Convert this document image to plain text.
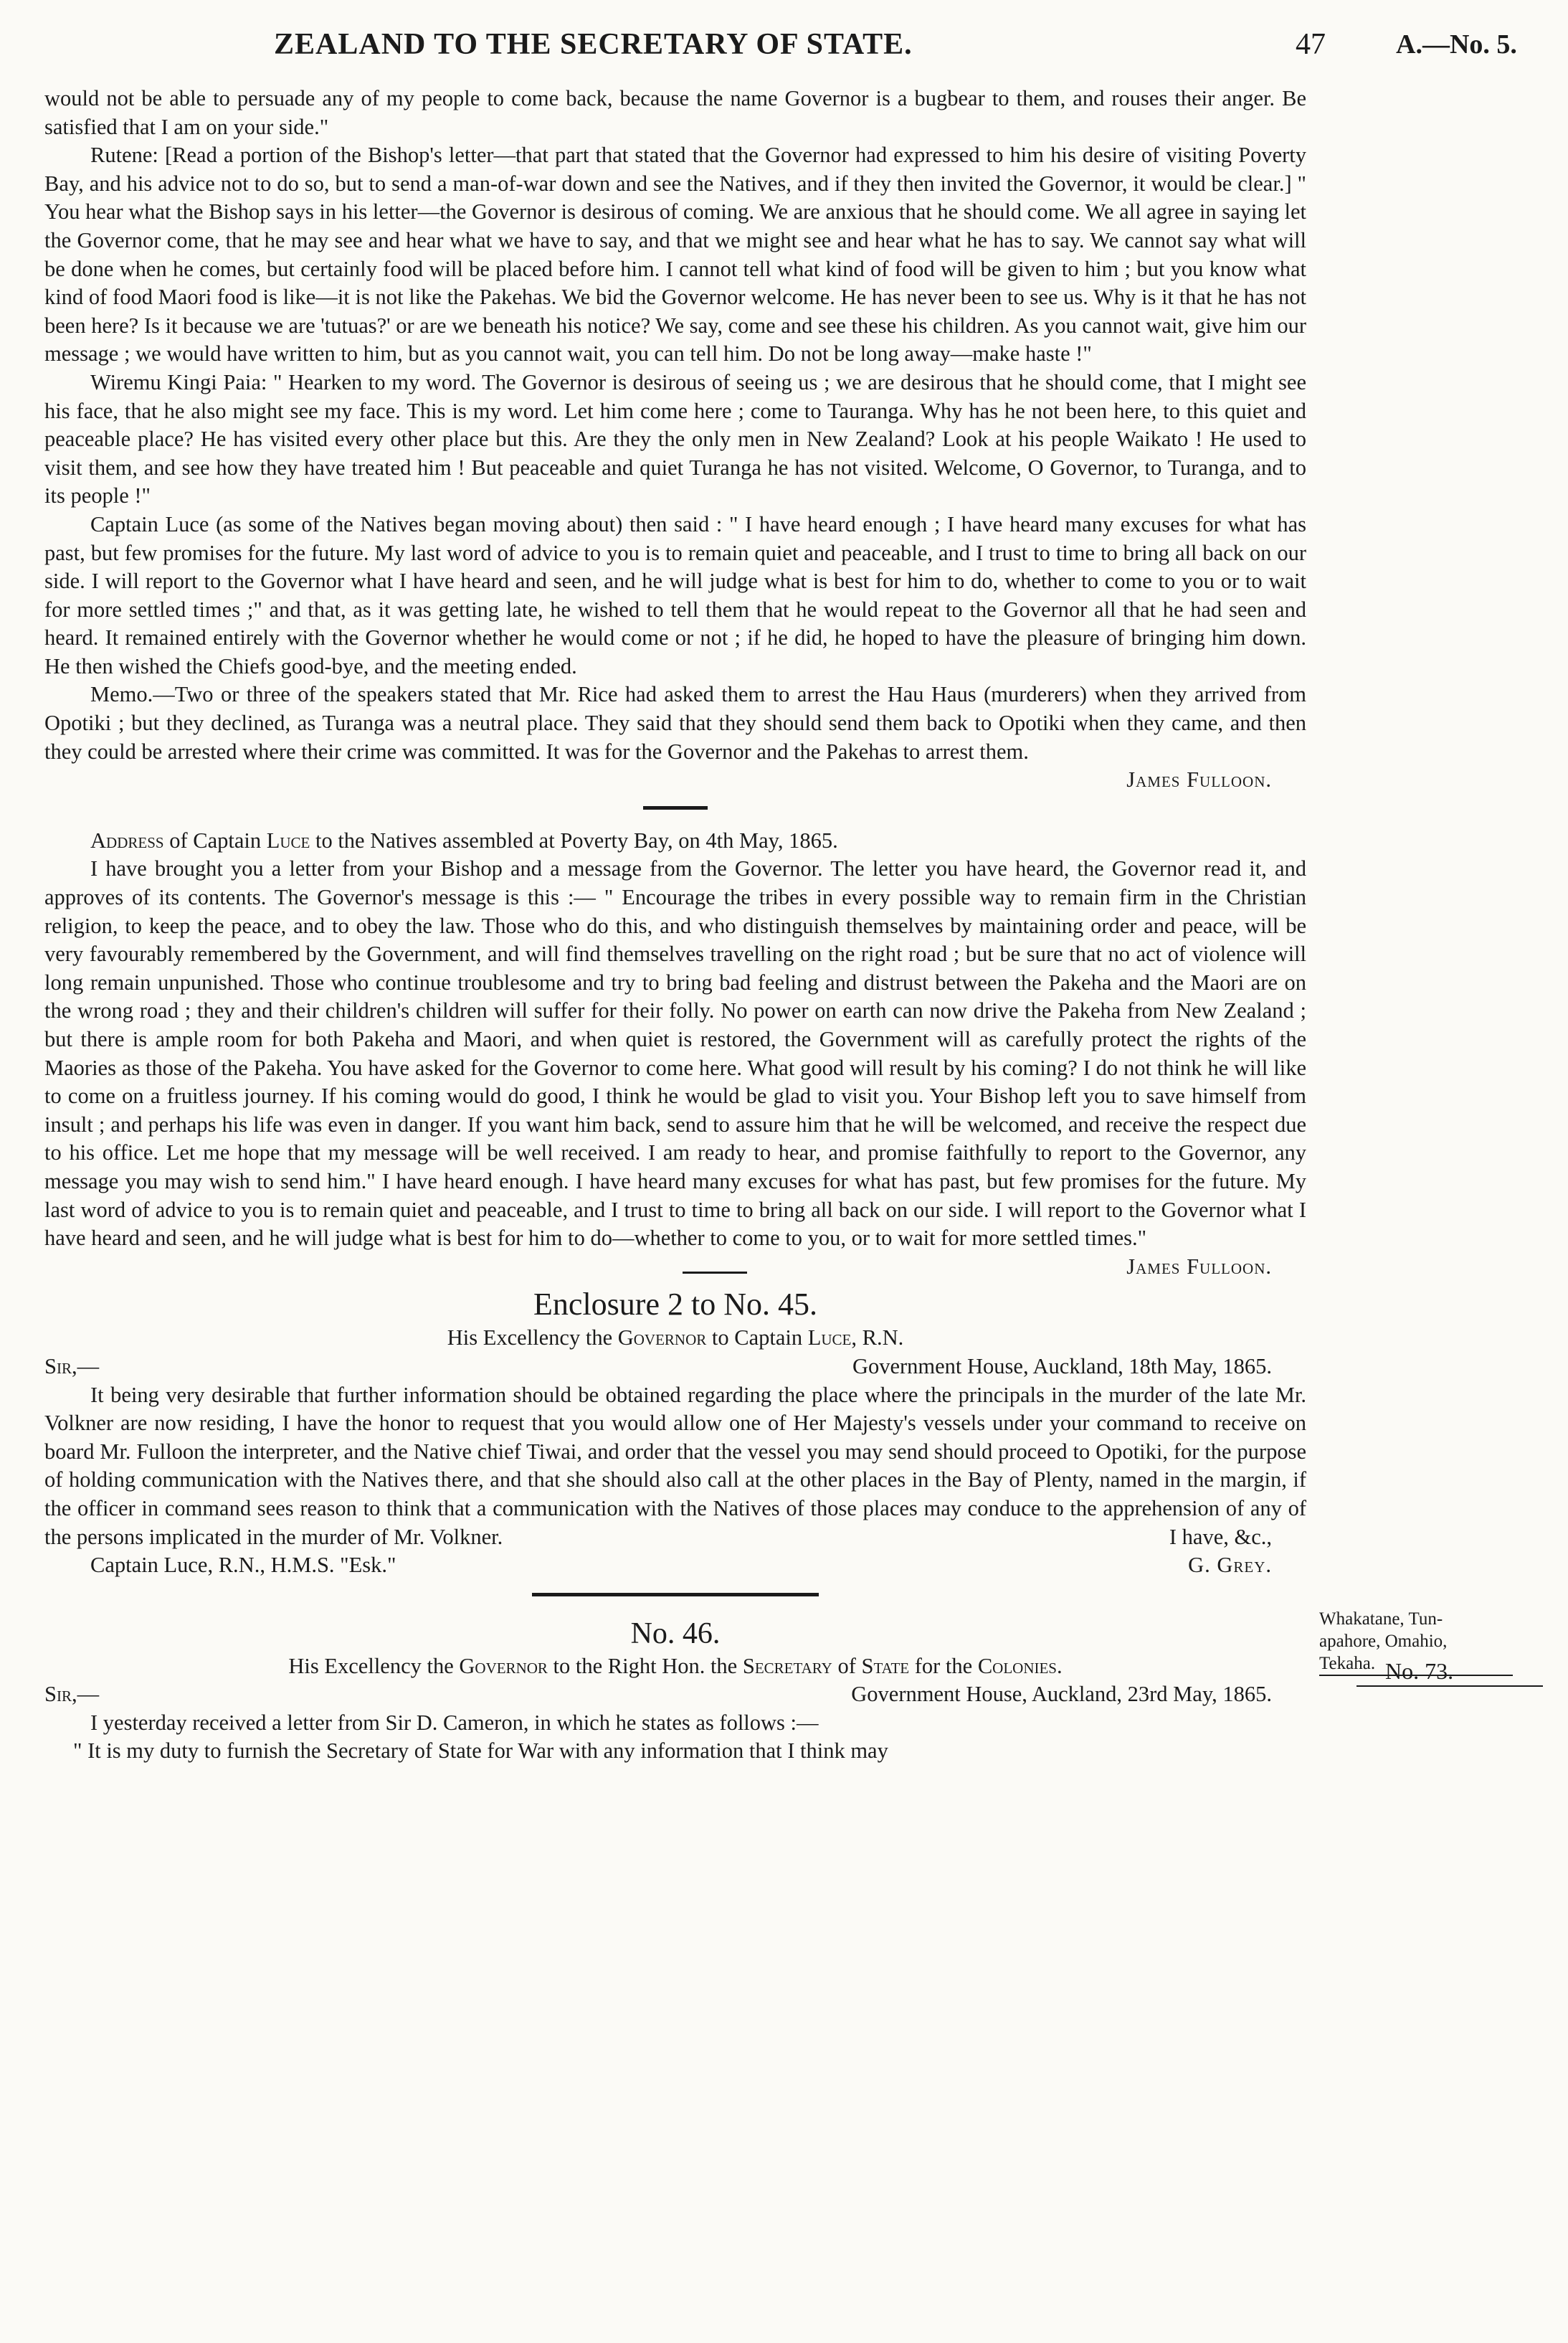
ZEALAND TO THE SECRETARY OF STATE.	47	A.—No. 5.

would not be able to persuade any of my people to come back, because the name Governor is a bugbear to them, and rouses their anger. Be satisfied that I am on your side."

Rutene: [Read a portion of the Bishop's letter—that part that stated that the Governor had expressed to him his desire of visiting Poverty Bay, and his advice not to do so, but to send a man-of-war down and see the Natives, and if they then invited the Governor, it would be clear.] " You hear what the Bishop says in his letter—the Governor is desirous of coming. We are anxious that he should come. We all agree in saying let the Governor come, that he may see and hear what we have to say, and that we might see and hear what he has to say. We cannot say what will be done when he comes, but certainly food will be placed before him. I cannot tell what kind of food will be given to him ; but you know what kind of food Maori food is like—it is not like the Pakehas. We bid the Governor welcome. He has never been to see us. Why is it that he has not been here? Is it because we are 'tutuas?' or are we beneath his notice? We say, come and see these his children. As you cannot wait, give him our message ; we would have written to him, but as you cannot wait, you can tell him. Do not be long away—make haste !"

Wiremu Kingi Paia: " Hearken to my word. The Governor is desirous of seeing us ; we are desirous that he should come, that I might see his face, that he also might see my face. This is my word. Let him come here ; come to Tauranga. Why has he not been here, to this quiet and peaceable place? He has visited every other place but this. Are they the only men in New Zealand? Look at his people Waikato ! He used to visit them, and see how they have treated him ! But peaceable and quiet Turanga he has not visited. Welcome, O Governor, to Turanga, and to its people !"

Captain Luce (as some of the Natives began moving about) then said : " I have heard enough ; I have heard many excuses for what has past, but few promises for the future. My last word of advice to you is to remain quiet and peaceable, and I trust to time to bring all back on our side. I will report to the Governor what I have heard and seen, and he will judge what is best for him to do, whether to come to you or to wait for more settled times ;" and that, as it was getting late, he wished to tell them that he would repeat to the Governor all that he had seen and heard. It remained entirely with the Governor whether he would come or not ; if he did, he hoped to have the pleasure of bringing him down. He then wished the Chiefs good-bye, and the meeting ended.

Memo.—Two or three of the speakers stated that Mr. Rice had asked them to arrest the Hau Haus (murderers) when they arrived from Opotiki ; but they declined, as Turanga was a neutral place. They said that they should send them back to Opotiki when they came, and then they could be arrested where their crime was committed. It was for the Governor and the Pakehas to arrest them.

James Fulloon.

Address of Captain Luce to the Natives assembled at Poverty Bay, on 4th May, 1865.

I have brought you a letter from your Bishop and a message from the Governor. The letter you have heard, the Governor read it, and approves of its contents. The Governor's message is this :— " Encourage the tribes in every possible way to remain firm in the Christian religion, to keep the peace, and to obey the law. Those who do this, and who distinguish themselves by maintaining order and peace, will be very favourably remembered by the Government, and will find themselves travelling on the right road ; but be sure that no act of violence will long remain unpunished. Those who continue troublesome and try to bring bad feeling and distrust between the Pakeha and the Maori are on the wrong road ; they and their children's children will suffer for their folly. No power on earth can now drive the Pakeha from New Zealand ; but there is ample room for both Pakeha and Maori, and when quiet is restored, the Government will as carefully protect the rights of the Maories as those of the Pakeha. You have asked for the Governor to come here. What good will result by his coming? I do not think he will like to come on a fruitless journey. If his coming would do good, I think he would be glad to visit you. Your Bishop left you to save himself from insult ; and perhaps his life was even in danger. If you want him back, send to assure him that he will be welcomed, and receive the respect due to his office. Let me hope that my message will be well received. I am ready to hear, and promise faithfully to report to the Governor, any message you may wish to send him." I have heard enough. I have heard many excuses for what has past, but few promises for the future. My last word of advice to you is to remain quiet and peaceable, and I trust to time to bring all back on our side. I will report to the Governor what I have heard and seen, and he will judge what is best for him to do—whether to come to you, or to wait for more settled times."

James Fulloon.
Enclosure 2 to No. 45.
His Excellency the Governor to Captain Luce, R.N.
Sir,—	Government House, Auckland, 18th May, 1865.
Whakatane, Tun-
apahore, Omahio,
Tekaha.

It being very desirable that further information should be obtained regarding the place where the principals in the murder of the late Mr. Volkner are now residing, I have the honor to request that you would allow one of Her Majesty's vessels under your command to receive on board Mr. Fulloon the interpreter, and the Native chief Tiwai, and order that the vessel you may send should proceed to Opotiki, for the purpose of holding communication with the Natives there, and that she should also call at the other places in the Bay of Plenty, named in the margin, if the officer in command sees reason to think that a communication with the Natives of those places may conduce to the apprehension of any of the persons implicated in the murder of Mr. Volkner.	I have, &c.,
Captain Luce, R.N., H.M.S. "Esk."	G. Grey.
No. 46.
No. 73.
His Excellency the Governor to the Right Hon. the Secretary of State for the Colonies.
Sir,—	Government House, Auckland, 23rd May, 1865.

I yesterday received a letter from Sir D. Cameron, in which he states as follows :—

" It is my duty to furnish the Secretary of State for War with any information that I think may
